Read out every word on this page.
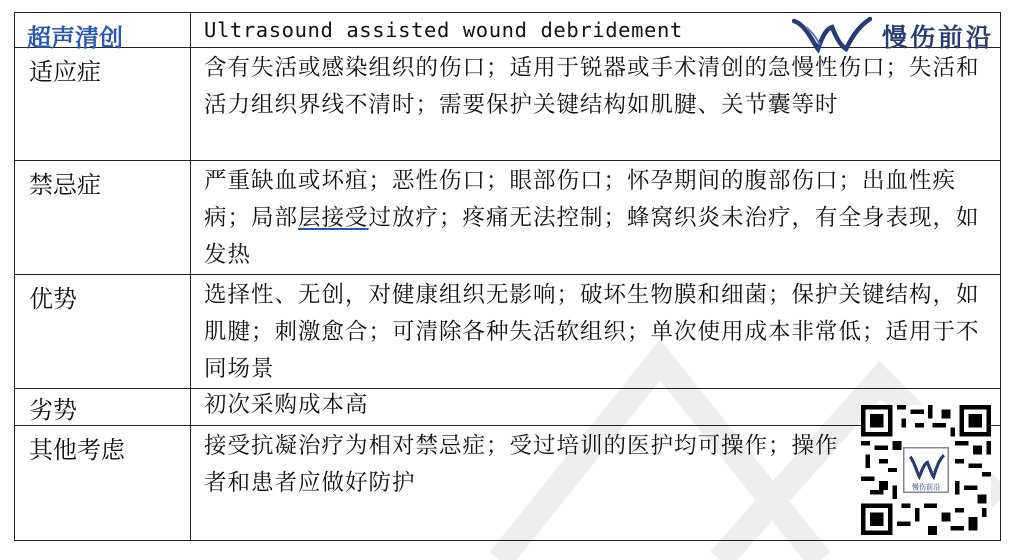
超声清创	Ultrasound assisted wound debridement 慢伤前沿

适应症	含有失活或感染组织的伤口；适用于锐器或手术清创的急慢性伤口；失活和活力组织界线不清时；需要保护关键结构如肌腱、关节囊等时

禁忌症	严重缺血或坏疽；恶性伤口；眼部伤口；怀孕期间的腹部伤口；出血性疾病；局部层接受过放疗；疼痛无法控制；蜂窝织炎未治疗，有全身表现，如发热

优势	选择性、无创，对健康组织无影响；破坏生物膜和细菌；保护关键结构，如肌腱；刺激愈合；可清除各种失活软组织；单次使用成本非常低；适用于不同场景

劣势	初次采购成本高

其他考虑	接受抗凝治疗为相对禁忌症；受过培训的医护均可操作；操作者和患者应做好防护	慢伤前沿
